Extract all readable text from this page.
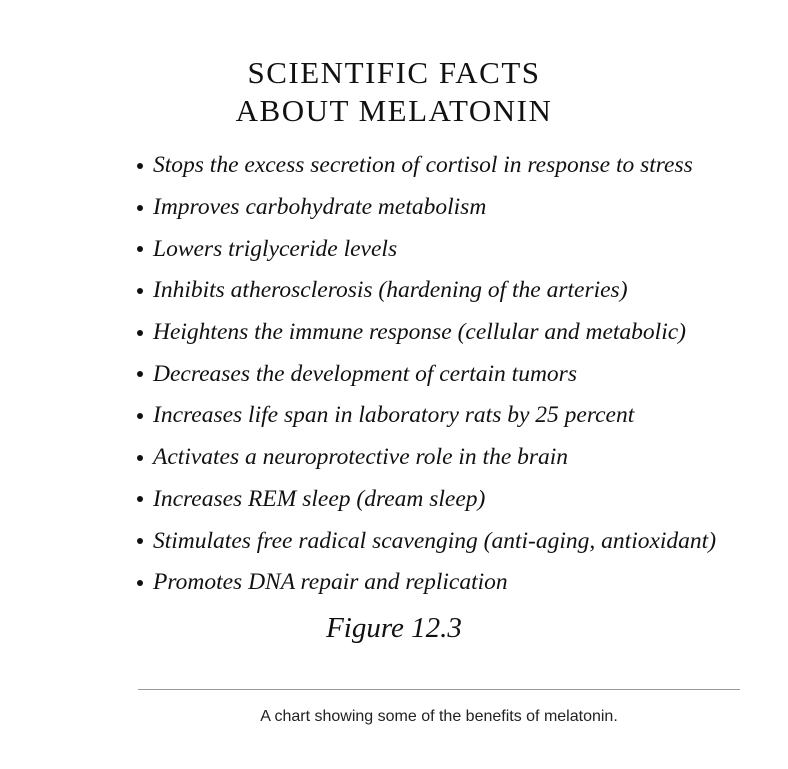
SCIENTIFIC FACTS
ABOUT MELATONIN
Stops the excess secretion of cortisol in response to stress
Improves carbohydrate metabolism
Lowers triglyceride levels
Inhibits atherosclerosis (hardening of the arteries)
Heightens the immune response (cellular and metabolic)
Decreases the development of certain tumors
Increases life span in laboratory rats by 25 percent
Activates a neuroprotective role in the brain
Increases REM sleep (dream sleep)
Stimulates free radical scavenging (anti-aging, antioxidant)
Promotes DNA repair and replication
Figure 12.3
A chart showing some of the benefits of melatonin.
